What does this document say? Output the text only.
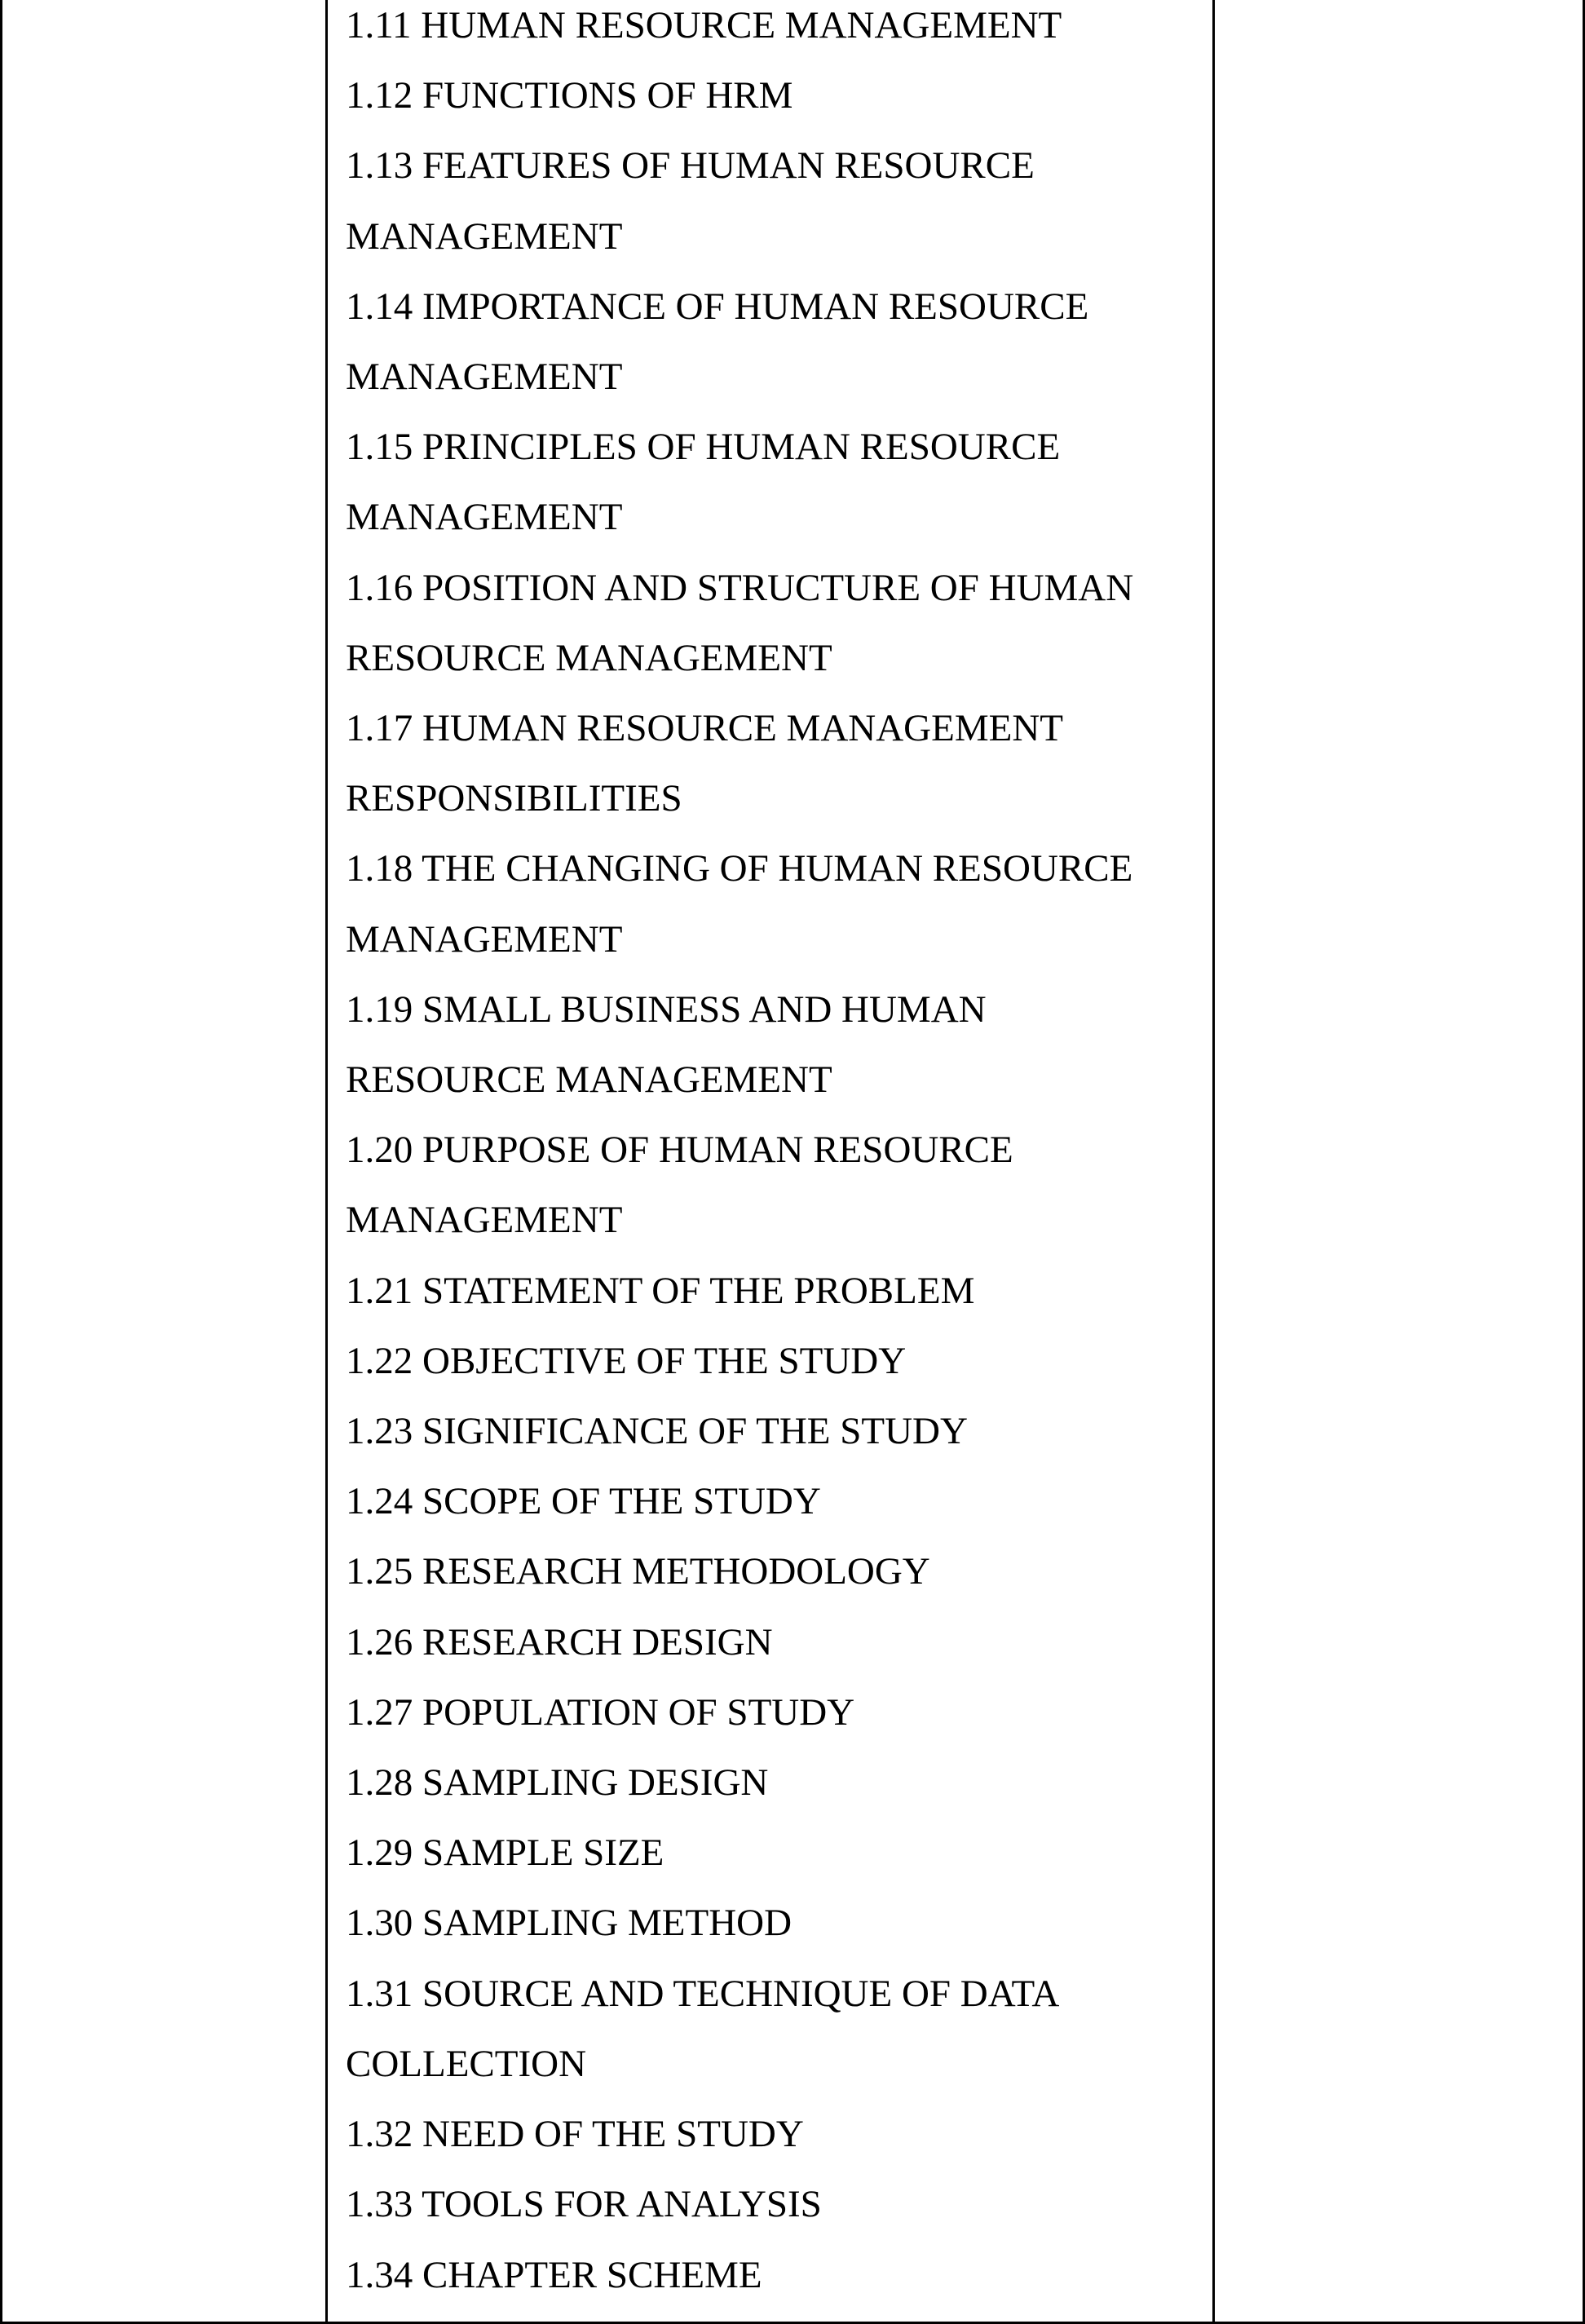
1.11 HUMAN RESOURCE MANAGEMENT
1.12 FUNCTIONS OF HRM
1.13 FEATURES OF HUMAN RESOURCE
MANAGEMENT
1.14 IMPORTANCE OF HUMAN RESOURCE
MANAGEMENT
1.15 PRINCIPLES OF HUMAN RESOURCE
MANAGEMENT
1.16 POSITION AND STRUCTURE OF HUMAN
RESOURCE MANAGEMENT
1.17 HUMAN RESOURCE MANAGEMENT
RESPONSIBILITIES
1.18 THE CHANGING OF HUMAN RESOURCE
MANAGEMENT
1.19 SMALL BUSINESS AND HUMAN
RESOURCE MANAGEMENT
1.20 PURPOSE OF HUMAN RESOURCE
MANAGEMENT
1.21 STATEMENT OF THE PROBLEM
1.22 OBJECTIVE OF THE STUDY
1.23 SIGNIFICANCE OF THE STUDY
1.24 SCOPE OF THE STUDY
1.25 RESEARCH METHODOLOGY
1.26 RESEARCH DESIGN
1.27 POPULATION OF STUDY
1.28 SAMPLING DESIGN
1.29 SAMPLE SIZE
1.30 SAMPLING METHOD
1.31 SOURCE AND TECHNIQUE OF DATA
COLLECTION
1.32 NEED OF THE STUDY
1.33 TOOLS FOR ANALYSIS
1.34 CHAPTER SCHEME
